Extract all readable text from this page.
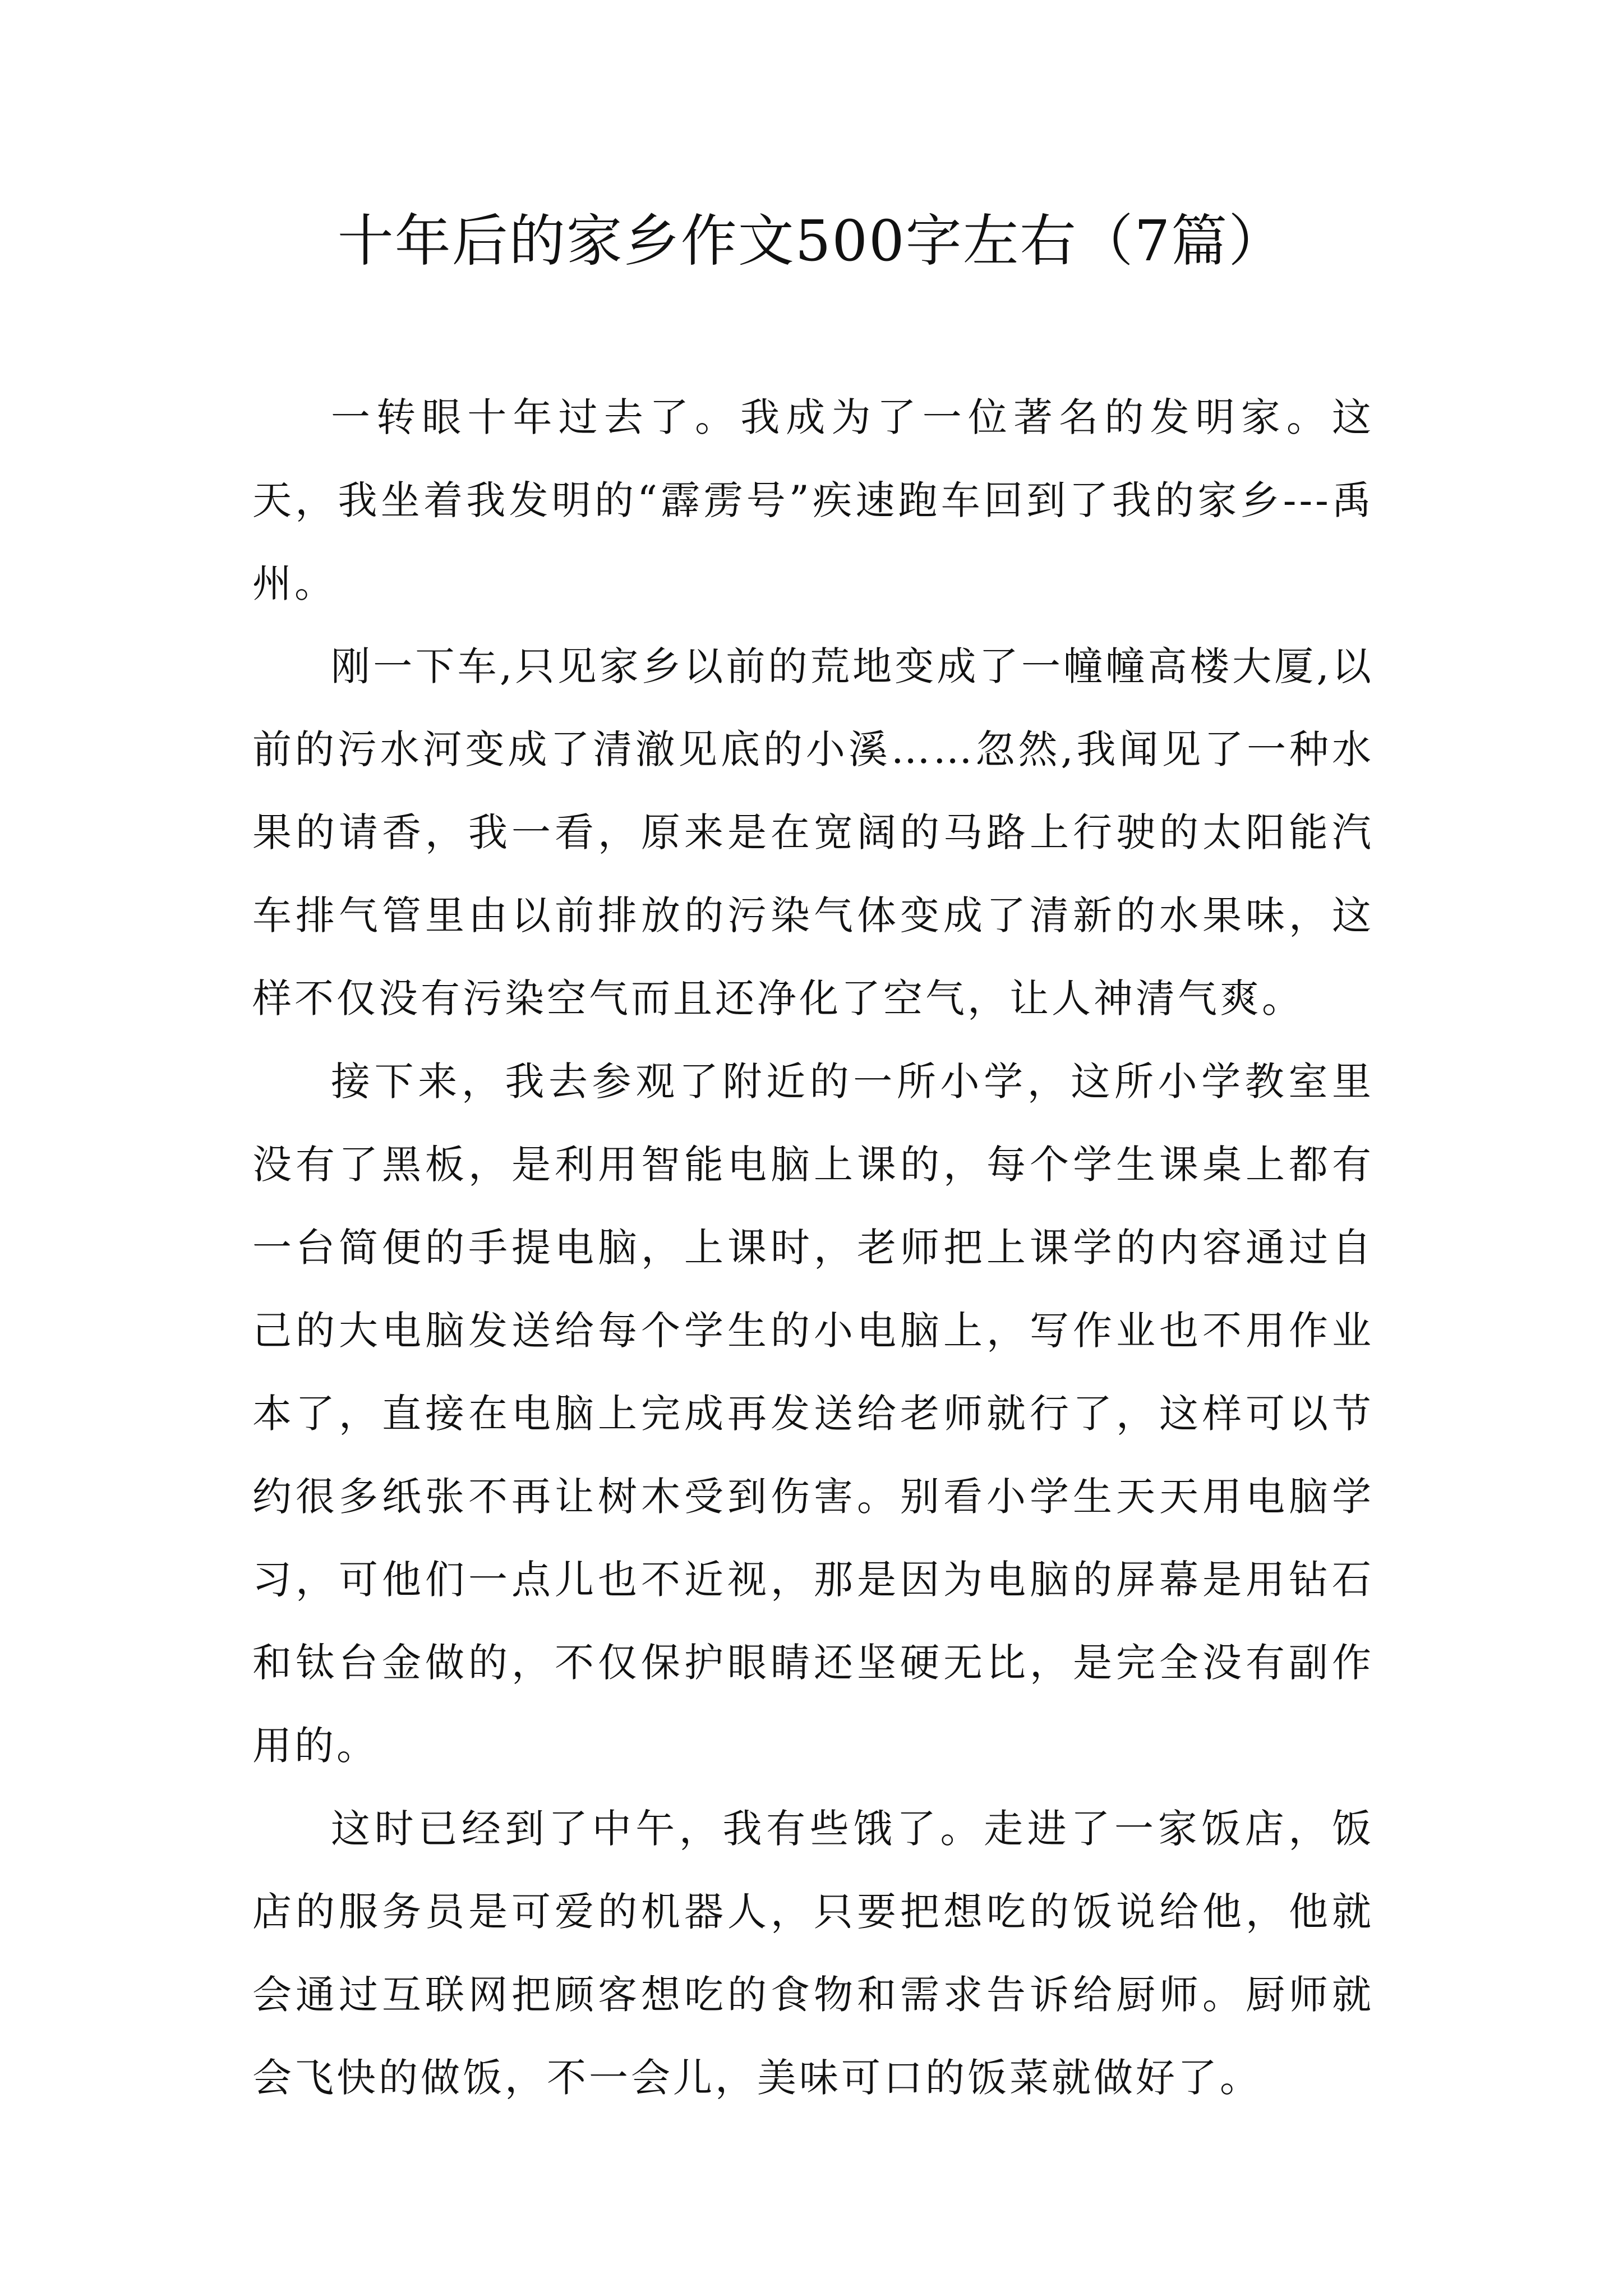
十年后的家乡作文500字左右（7篇）

一转眼十年过去了。我成为了一位著名的发明家。这天，我坐着我发明的“霹雳号”疾速跑车回到了我的家乡---禹州。

刚一下车,只见家乡以前的荒地变成了一幢幢高楼大厦,以前的污水河变成了清澈见底的小溪……忽然,我闻见了一种水果的请香，我一看，原来是在宽阔的马路上行驶的太阳能汽车排气管里由以前排放的污染气体变成了清新的水果味，这样不仅没有污染空气而且还净化了空气，让人神清气爽。

接下来，我去参观了附近的一所小学，这所小学教室里没有了黑板，是利用智能电脑上课的，每个学生课桌上都有一台简便的手提电脑，上课时，老师把上课学的内容通过自己的大电脑发送给每个学生的小电脑上，写作业也不用作业本了，直接在电脑上完成再发送给老师就行了，这样可以节约很多纸张不再让树木受到伤害。别看小学生天天用电脑学习，可他们一点儿也不近视，那是因为电脑的屏幕是用钻石和钛台金做的，不仅保护眼睛还坚硬无比，是完全没有副作用的。

这时已经到了中午，我有些饿了。走进了一家饭店，饭店的服务员是可爱的机器人，只要把想吃的饭说给他，他就会通过互联网把顾客想吃的食物和需求告诉给厨师。厨师就会飞快的做饭，不一会儿，美味可口的饭菜就做好了。
